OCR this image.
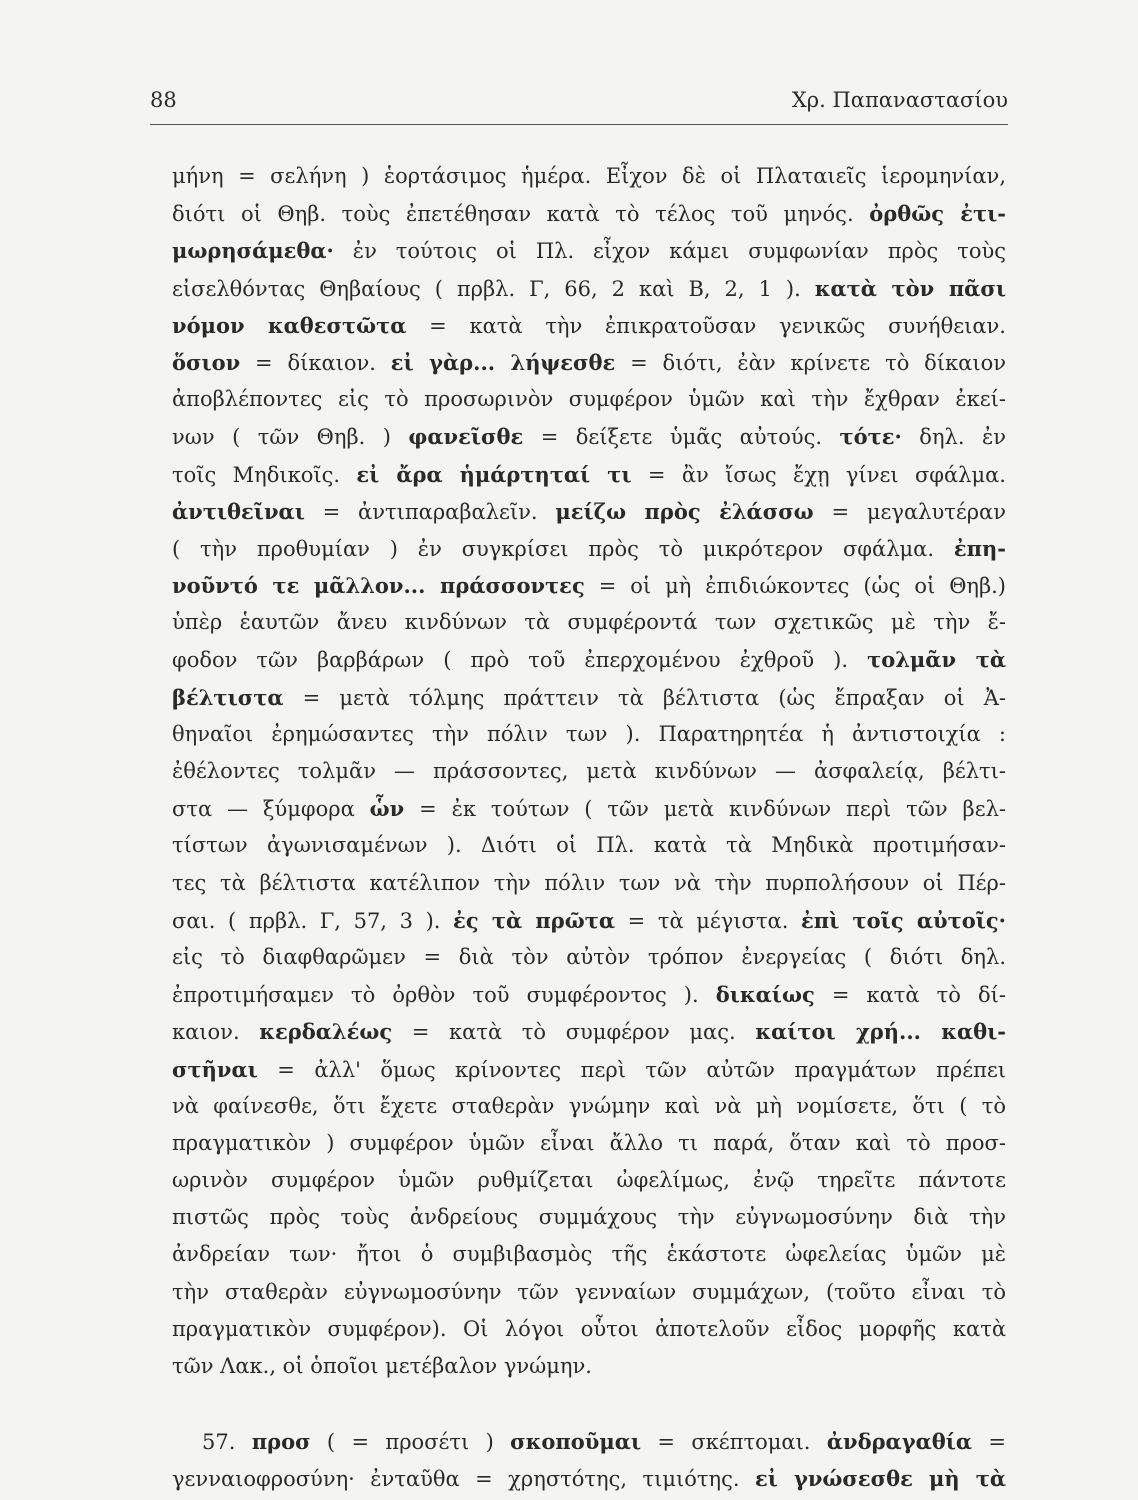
88	Χρ. Παπαναστασίου
μήνη = σελήνη ) ἑορτάσιμος ἡμέρα. Εἶχον δὲ οἱ Πλαταιεῖς ἱερομηνίαν,
διότι οἱ Θηβ. τοὺς ἐπετέθησαν κατὰ τὸ τέλος τοῦ μηνός. ὀρθῶς ἐτι-
μωρησάμεθα· ἐν τούτοις οἱ Πλ. εἶχον κάμει συμφωνίαν πρὸς τοὺς
εἰσελθόντας Θηβαίους ( πρβλ. Γ, 66, 2 καὶ Β, 2, 1 ). κατὰ τὸν πᾶσι
νόμον καθεστῶτα = κατὰ τὴν ἐπικρατοῦσαν γενικῶς συνήθειαν.
ὅσιον = δίκαιον. εἰ γὰρ... λήψεσθε = διότι, ἐὰν κρίνετε τὸ δίκαιον
ἀποβλέποντες εἰς τὸ προσωρινὸν συμφέρον ὑμῶν καὶ τὴν ἔχθραν ἐκεί-
νων ( τῶν Θηβ. ) φανεῖσθε = δείξετε ὑμᾶς αὐτούς. τότε· δηλ. ἐν
τοῖς Μηδικοῖς. εἰ ἄρα ἡμάρτηταί τι = ἂν ἴσως ἔχῃ γίνει σφάλμα.
ἀντιθεῖναι = ἀντιπαραβαλεῖν. μείζω πρὸς ἐλάσσω = μεγαλυτέραν
( τὴν προθυμίαν ) ἐν συγκρίσει πρὸς τὸ μικρότερον σφάλμα. ἐπη-
νοῦντό τε μᾶλλον... πράσσοντες = οἱ μὴ ἐπιδιώκοντες (ὡς οἱ Θηβ.)
ὑπὲρ ἑαυτῶν ἄνευ κινδύνων τὰ συμφέροντά των σχετικῶς μὲ τὴν ἔ-
φοδον τῶν βαρβάρων ( πρὸ τοῦ ἐπερχομένου ἐχθροῦ ). τολμᾶν τὰ
βέλτιστα = μετὰ τόλμης πράττειν τὰ βέλτιστα (ὡς ἔπραξαν οἱ Ἀ-
θηναῖοι ἐρημώσαντες τὴν πόλιν των ). Παρατηρητέα ἡ ἀντιστοιχία :
ἐθέλοντες τολμᾶν — πράσσοντες, μετὰ κινδύνων — ἀσφαλείᾳ, βέλτι-
στα — ξύμφορα ὧν = ἐκ τούτων ( τῶν μετὰ κινδύνων περὶ τῶν βελ-
τίστων ἀγωνισαμένων ). Διότι οἱ Πλ. κατὰ τὰ Μηδικὰ προτιμήσαν-
τες τὰ βέλτιστα κατέλιπον τὴν πόλιν των νὰ τὴν πυρπολήσουν οἱ Πέρ-
σαι. ( πρβλ. Γ, 57, 3 ). ἐς τὰ πρῶτα = τὰ μέγιστα. ἐπὶ τοῖς αὐτοῖς·
εἰς τὸ διαφθαρῶμεν = διὰ τὸν αὐτὸν τρόπον ἐνεργείας ( διότι δηλ.
ἐπροτιμήσαμεν τὸ ὀρθὸν τοῦ συμφέροντος ). δικαίως = κατὰ τὸ δί-
καιον. κερδαλέως = κατὰ τὸ συμφέρον μας. καίτοι χρή... καθι-
στῆναι = ἀλλ' ὅμως κρίνοντες περὶ τῶν αὐτῶν πραγμάτων πρέπει
νὰ φαίνεσθε, ὅτι ἔχετε σταθερὰν γνώμην καὶ νὰ μὴ νομίσετε, ὅτι ( τὸ
πραγματικὸν ) συμφέρον ὑμῶν εἶναι ἄλλο τι παρά, ὅταν καὶ τὸ προσ-
ωρινὸν συμφέρον ὑμῶν ρυθμίζεται ὠφελίμως, ἐνῷ τηρεῖτε πάντοτε
πιστῶς πρὸς τοὺς ἀνδρείους συμμάχους τὴν εὐγνωμοσύνην διὰ τὴν
ἀνδρείαν των· ἤτοι ὁ συμβιβασμὸς τῆς ἑκάστοτε ὠφελείας ὑμῶν μὲ
τὴν σταθερὰν εὐγνωμοσύνην τῶν γενναίων συμμάχων, (τοῦτο εἶναι τὸ
πραγματικὸν συμφέρον). Οἱ λόγοι οὗτοι ἀποτελοῦν εἶδος μορφῆς κατὰ
τῶν Λακ., οἱ ὁποῖοι μετέβαλον γνώμην.
57. προσ ( = προσέτι ) σκοποῦμαι = σκέπτομαι. ἀνδραγαθία =
γενναιοφροσύνη· ἐνταῦθα = χρηστότης, τιμιότης. εἰ γνώσεσθε μὴ τὰ
